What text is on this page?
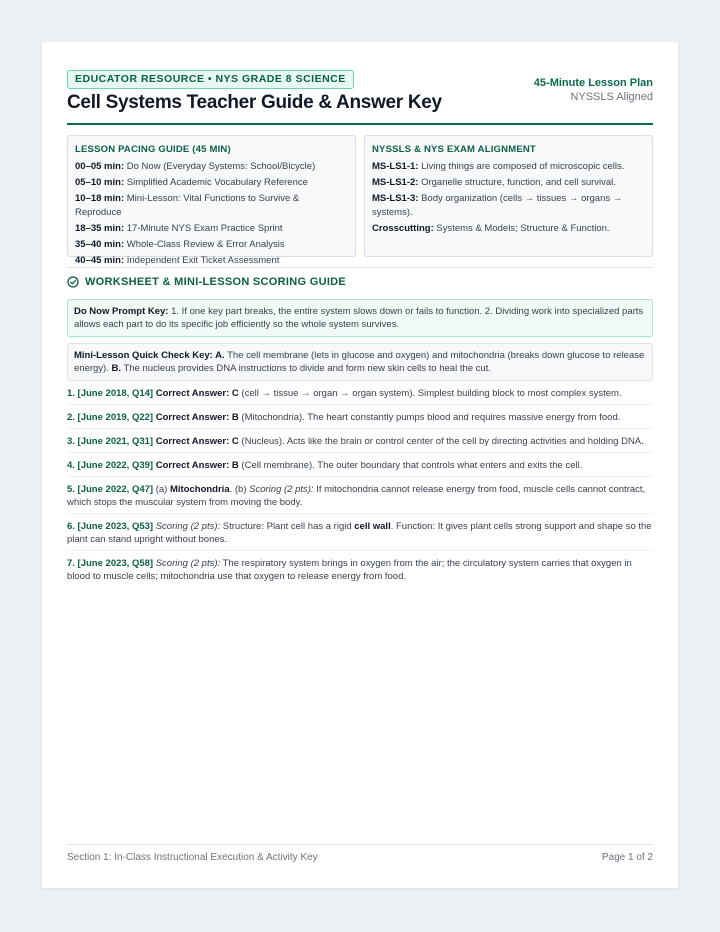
EDUCATOR RESOURCE • NYS GRADE 8 SCIENCE
Cell Systems Teacher Guide & Answer Key
45-Minute Lesson Plan
NYSSLS Aligned
LESSON PACING GUIDE (45 MIN)
00–05 min: Do Now (Everyday Systems: School/Bicycle)
05–10 min: Simplified Academic Vocabulary Reference
10–18 min: Mini-Lesson: Vital Functions to Survive & Reproduce
18–35 min: 17-Minute NYS Exam Practice Sprint
35–40 min: Whole-Class Review & Error Analysis
40–45 min: Independent Exit Ticket Assessment
NYSSLS & NYS EXAM ALIGNMENT
MS-LS1-1: Living things are composed of microscopic cells.
MS-LS1-2: Organelle structure, function, and cell survival.
MS-LS1-3: Body organization (cells → tissues → organs → systems).
Crosscutting: Systems & Models; Structure & Function.
WORKSHEET & MINI-LESSON SCORING GUIDE
Do Now Prompt Key: 1. If one key part breaks, the entire system slows down or fails to function. 2. Dividing work into specialized parts allows each part to do its specific job efficiently so the whole system survives.
Mini-Lesson Quick Check Key: A. The cell membrane (lets in glucose and oxygen) and mitochondria (breaks down glucose to release energy). B. The nucleus provides DNA instructions to divide and form new skin cells to heal the cut.
1. [June 2018, Q14] Correct Answer: C (cell → tissue → organ → organ system). Simplest building block to most complex system.
2. [June 2019, Q22] Correct Answer: B (Mitochondria). The heart constantly pumps blood and requires massive energy from food.
3. [June 2021, Q31] Correct Answer: C (Nucleus). Acts like the brain or control center of the cell by directing activities and holding DNA.
4. [June 2022, Q39] Correct Answer: B (Cell membrane). The outer boundary that controls what enters and exits the cell.
5. [June 2022, Q47] (a) Mitochondria. (b) Scoring (2 pts): If mitochondria cannot release energy from food, muscle cells cannot contract, which stops the muscular system from moving the body.
6. [June 2023, Q53] Scoring (2 pts): Structure: Plant cell has a rigid cell wall. Function: It gives plant cells strong support and shape so the plant can stand upright without bones.
7. [June 2023, Q58] Scoring (2 pts): The respiratory system brings in oxygen from the air; the circulatory system carries that oxygen in blood to muscle cells; mitochondria use that oxygen to release energy from food.
Section 1: In-Class Instructional Execution & Activity Key	Page 1 of 2
